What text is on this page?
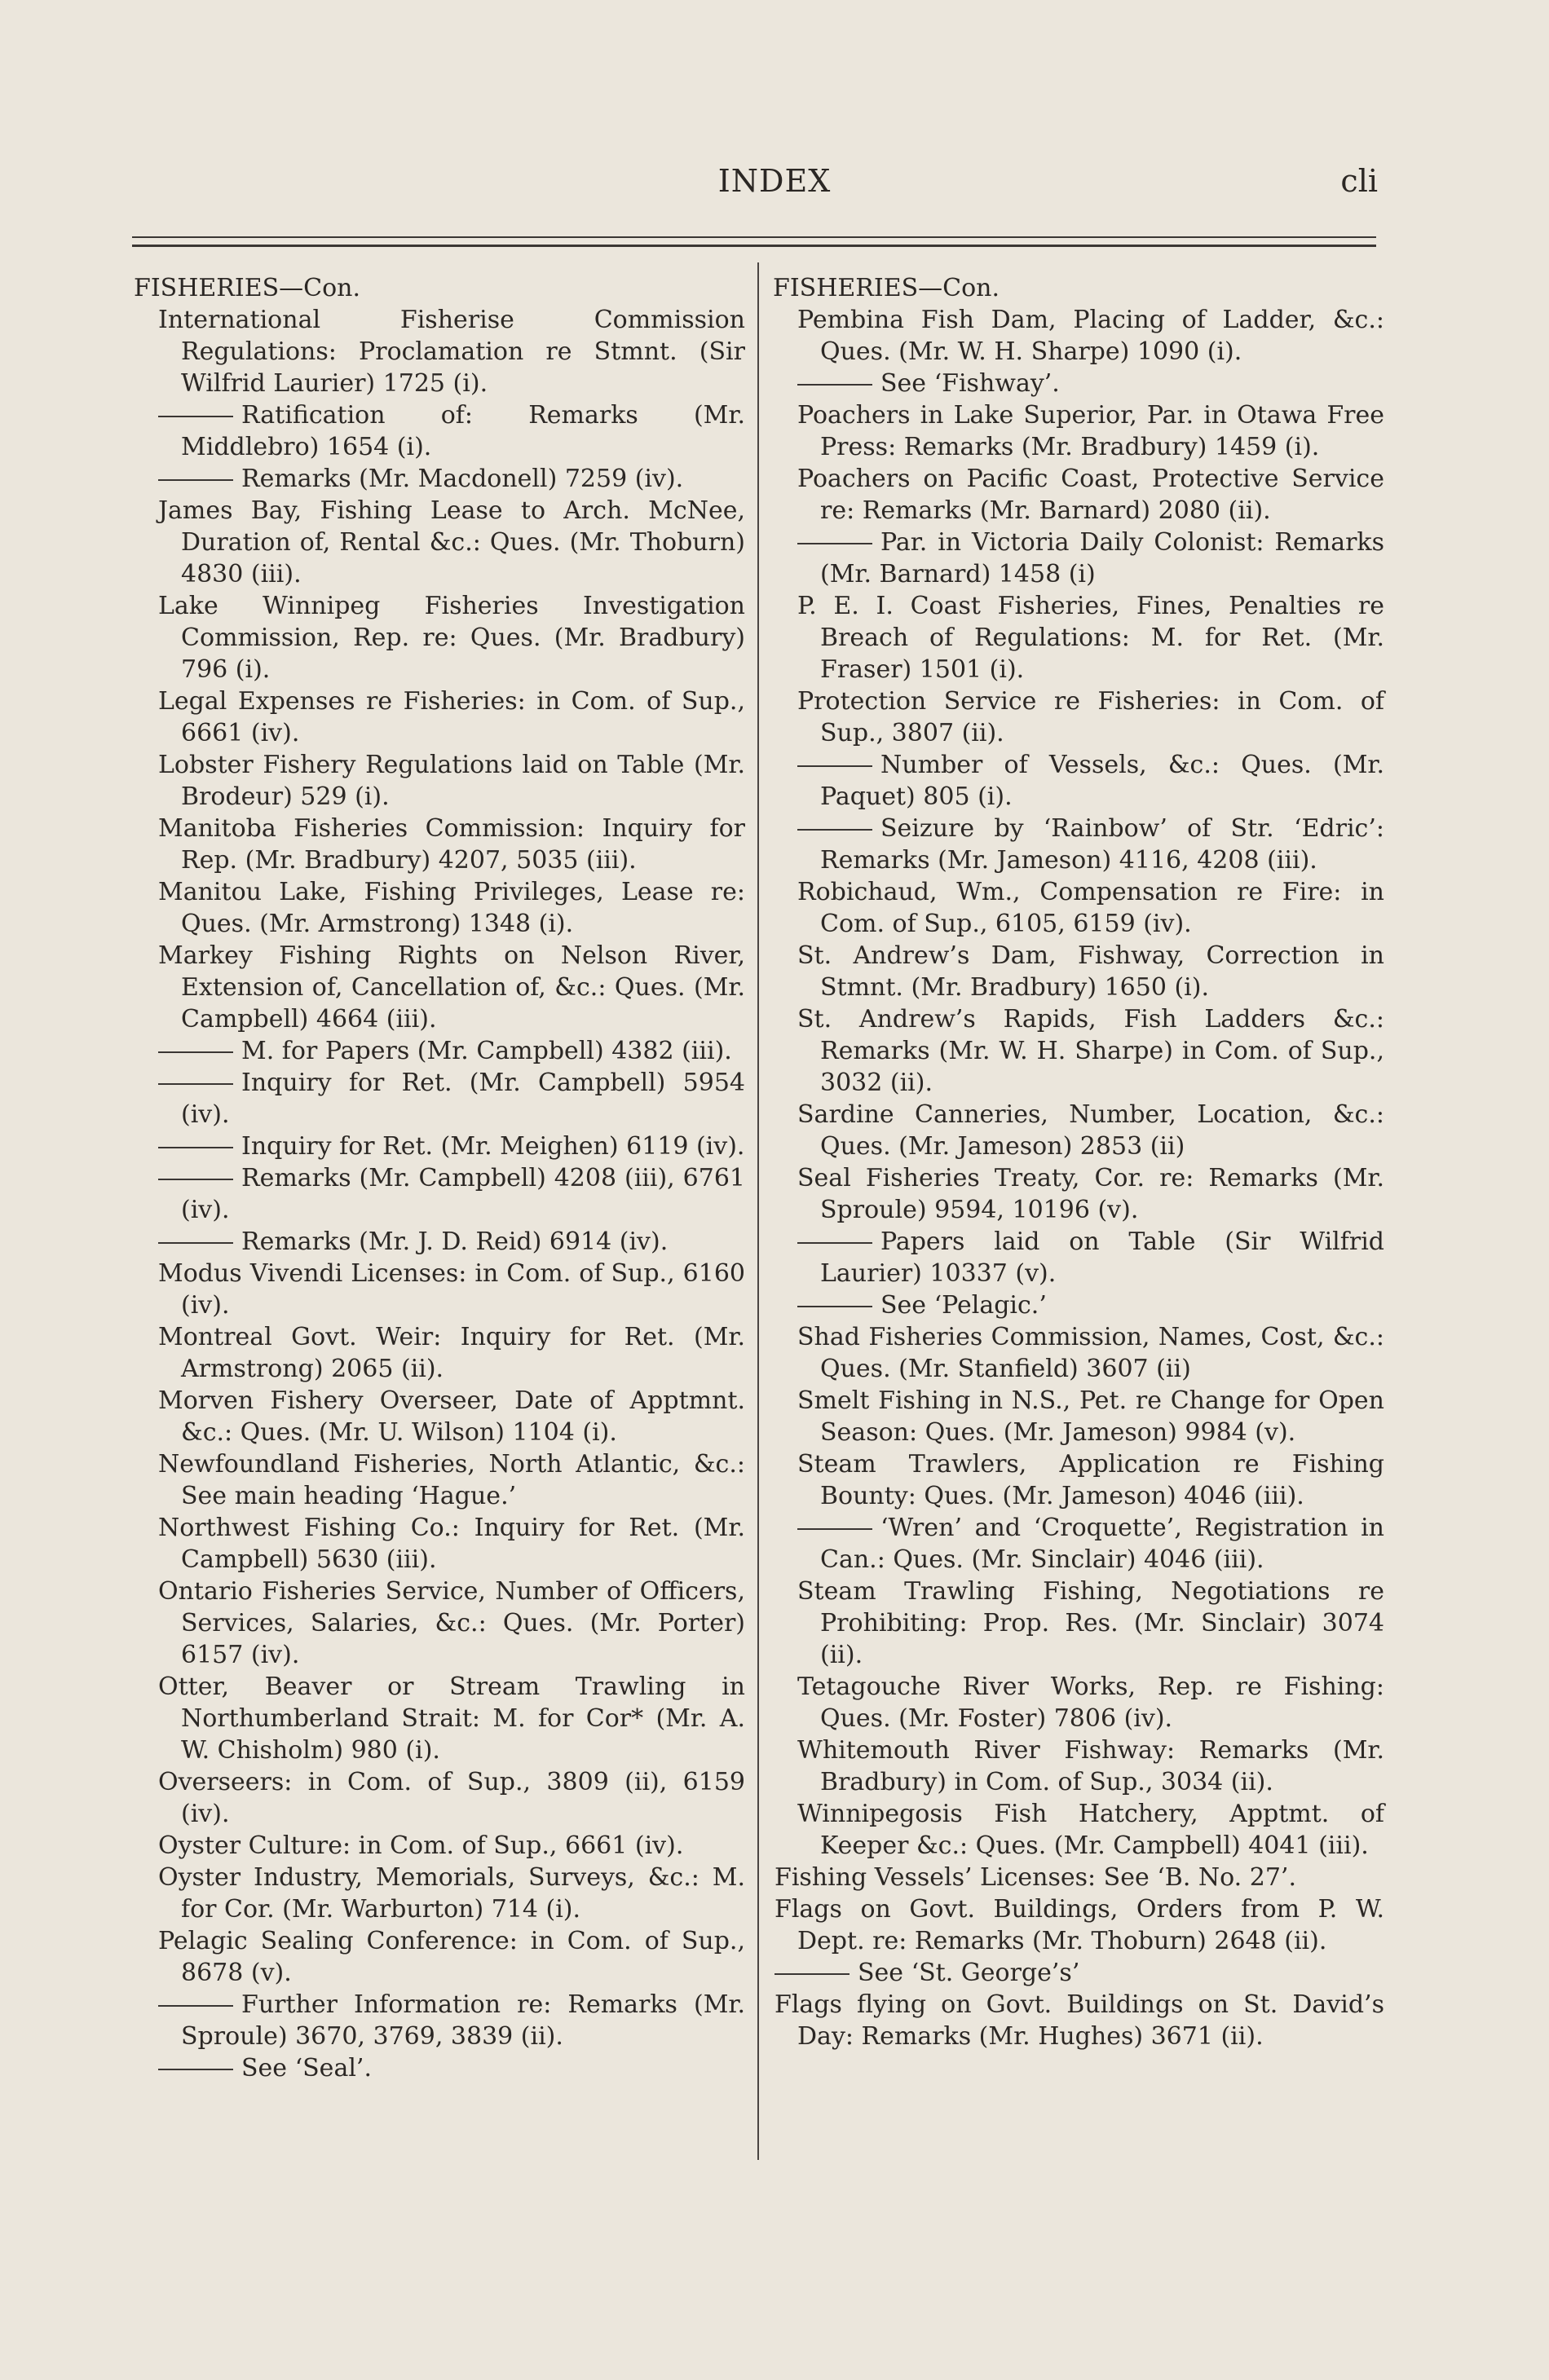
INDEX	cli
FISHERIES—Con.
International Fisherise Commission Regulations: Proclamation re Stmnt. (Sir Wilfrid Laurier) 1725 (i).
Ratification of: Remarks (Mr. Middlebro) 1654 (i).
Remarks (Mr. Macdonell) 7259 (iv).
James Bay, Fishing Lease to Arch. McNee, Duration of, Rental &c.: Ques. (Mr. Thoburn) 4830 (iii).
Lake Winnipeg Fisheries Investigation Commission, Rep. re: Ques. (Mr. Bradbury) 796 (i).
Legal Expenses re Fisheries: in Com. of Sup., 6661 (iv).
Lobster Fishery Regulations laid on Table (Mr. Brodeur) 529 (i).
Manitoba Fisheries Commission: Inquiry for Rep. (Mr. Bradbury) 4207, 5035 (iii).
Manitou Lake, Fishing Privileges, Lease re: Ques. (Mr. Armstrong) 1348 (i).
Markey Fishing Rights on Nelson River, Extension of, Cancellation of, &c.: Ques. (Mr. Campbell) 4664 (iii).
M. for Papers (Mr. Campbell) 4382 (iii).
Inquiry for Ret. (Mr. Campbell) 5954 (iv).
Inquiry for Ret. (Mr. Meighen) 6119 (iv).
Remarks (Mr. Campbell) 4208 (iii), 6761 (iv).
Remarks (Mr. J. D. Reid) 6914 (iv).
Modus Vivendi Licenses: in Com. of Sup., 6160 (iv).
Montreal Govt. Weir: Inquiry for Ret. (Mr. Armstrong) 2065 (ii).
Morven Fishery Overseer, Date of Apptmnt. &c.: Ques. (Mr. U. Wilson) 1104 (i).
Newfoundland Fisheries, North Atlantic, &c.: See main heading ‘Hague.’
Northwest Fishing Co.: Inquiry for Ret. (Mr. Campbell) 5630 (iii).
Ontario Fisheries Service, Number of Officers, Services, Salaries, &c.: Ques. (Mr. Porter) 6157 (iv).
Otter, Beaver or Stream Trawling in Northumberland Strait: M. for Cor* (Mr. A. W. Chisholm) 980 (i).
Overseers: in Com. of Sup., 3809 (ii), 6159 (iv).
Oyster Culture: in Com. of Sup., 6661 (iv).
Oyster Industry, Memorials, Surveys, &c.: M. for Cor. (Mr. Warburton) 714 (i).
Pelagic Sealing Conference: in Com. of Sup., 8678 (v).
Further Information re: Remarks (Mr. Sproule) 3670, 3769, 3839 (ii).
See ‘Seal’.
FISHERIES—Con.
Pembina Fish Dam, Placing of Ladder, &c.: Ques. (Mr. W. H. Sharpe) 1090 (i).
See ‘Fishway’.
Poachers in Lake Superior, Par. in Otawa Free Press: Remarks (Mr. Bradbury) 1459 (i).
Poachers on Pacific Coast, Protective Service re: Remarks (Mr. Barnard) 2080 (ii).
Par. in Victoria Daily Colonist: Remarks (Mr. Barnard) 1458 (i)
P. E. I. Coast Fisheries, Fines, Penalties re Breach of Regulations: M. for Ret. (Mr. Fraser) 1501 (i).
Protection Service re Fisheries: in Com. of Sup., 3807 (ii).
Number of Vessels, &c.: Ques. (Mr. Paquet) 805 (i).
Seizure by ‘Rainbow’ of Str. ‘Edric’: Remarks (Mr. Jameson) 4116, 4208 (iii).
Robichaud, Wm., Compensation re Fire: in Com. of Sup., 6105, 6159 (iv).
St. Andrew’s Dam, Fishway, Correction in Stmnt. (Mr. Bradbury) 1650 (i).
St. Andrew’s Rapids, Fish Ladders &c.: Remarks (Mr. W. H. Sharpe) in Com. of Sup., 3032 (ii).
Sardine Canneries, Number, Location, &c.: Ques. (Mr. Jameson) 2853 (ii)
Seal Fisheries Treaty, Cor. re: Remarks (Mr. Sproule) 9594, 10196 (v).
Papers laid on Table (Sir Wilfrid Laurier) 10337 (v).
See ‘Pelagic.’
Shad Fisheries Commission, Names, Cost, &c.: Ques. (Mr. Stanfield) 3607 (ii)
Smelt Fishing in N.S., Pet. re Change for Open Season: Ques. (Mr. Jameson) 9984 (v).
Steam Trawlers, Application re Fishing Bounty: Ques. (Mr. Jameson) 4046 (iii).
‘Wren’ and ‘Croquette’, Registration in Can.: Ques. (Mr. Sinclair) 4046 (iii).
Steam Trawling Fishing, Negotiations re Prohibiting: Prop. Res. (Mr. Sinclair) 3074 (ii).
Tetagouche River Works, Rep. re Fishing: Ques. (Mr. Foster) 7806 (iv).
Whitemouth River Fishway: Remarks (Mr. Bradbury) in Com. of Sup., 3034 (ii).
Winnipegosis Fish Hatchery, Apptmt. of Keeper &c.: Ques. (Mr. Campbell) 4041 (iii).
Fishing Vessels’ Licenses: See ‘B. No. 27’.
Flags on Govt. Buildings, Orders from P. W. Dept. re: Remarks (Mr. Thoburn) 2648 (ii).
See ‘St. George’s’
Flags flying on Govt. Buildings on St. David’s Day: Remarks (Mr. Hughes) 3671 (ii).
